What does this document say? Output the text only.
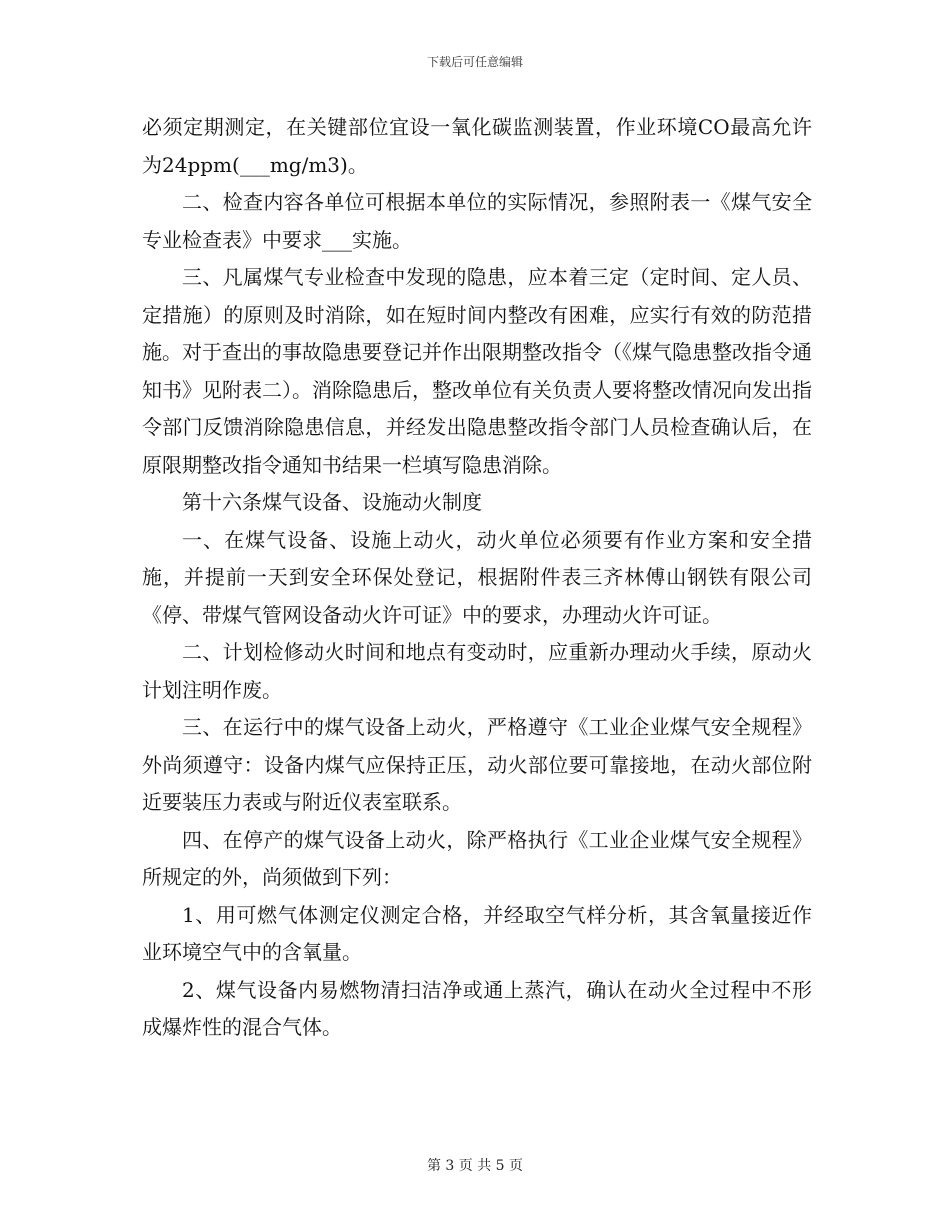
下载后可任意编辑

必须定期测定，在关键部位宜设一氧化碳监测装置，作业环境CO最高允许为24ppm(___mg/m3)。

二、检查内容各单位可根据本单位的实际情况，参照附表一《煤气安全专业检查表》中要求___实施。

三、凡属煤气专业检查中发现的隐患，应本着三定（定时间、定人员、定措施）的原则及时消除，如在短时间内整改有困难，应实行有效的防范措施。对于查出的事故隐患要登记并作出限期整改指令（《煤气隐患整改指令通知书》见附表二）。消除隐患后，整改单位有关负责人要将整改情况向发出指令部门反馈消除隐患信息，并经发出隐患整改指令部门人员检查确认后，在原限期整改指令通知书结果一栏填写隐患消除。

第十六条煤气设备、设施动火制度

一、在煤气设备、设施上动火，动火单位必须要有作业方案和安全措施，并提前一天到安全环保处登记，根据附件表三齐林傅山钢铁有限公司《停、带煤气管网设备动火许可证》中的要求，办理动火许可证。

二、计划检修动火时间和地点有变动时，应重新办理动火手续，原动火计划注明作废。

三、在运行中的煤气设备上动火，严格遵守《工业企业煤气安全规程》外尚须遵守：设备内煤气应保持正压，动火部位要可靠接地，在动火部位附近要装压力表或与附近仪表室联系。

四、在停产的煤气设备上动火，除严格执行《工业企业煤气安全规程》所规定的外，尚须做到下列：

1、用可燃气体测定仪测定合格，并经取空气样分析，其含氧量接近作业环境空气中的含氧量。

2、煤气设备内易燃物清扫洁净或通上蒸汽，确认在动火全过程中不形成爆炸性的混合气体。

第 3 页 共 5 页
